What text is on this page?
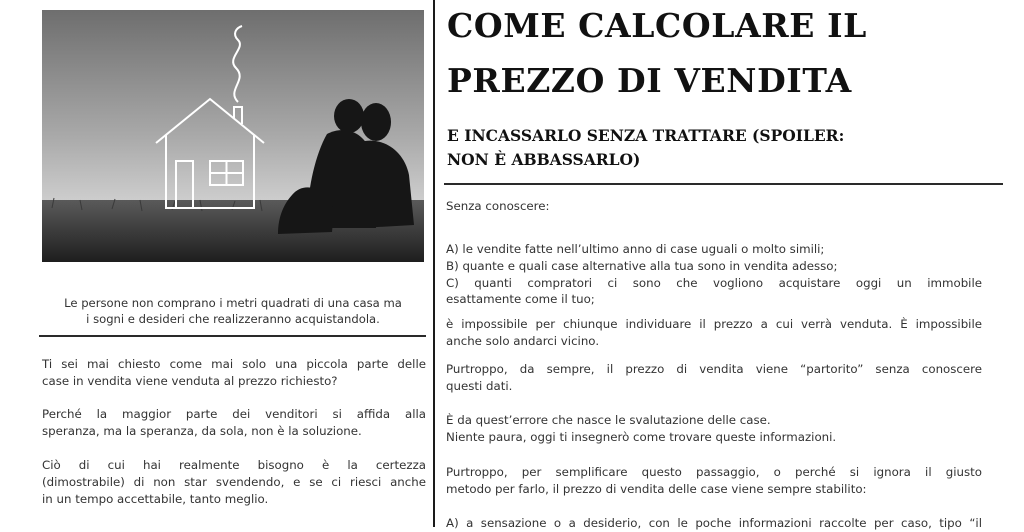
Le persone non comprano i metri quadrati di una casa ma
i sogni e desideri che realizzeranno acquistandola.

Ti sei mai chiesto come mai solo una piccola parte delle
case in vendita viene venduta al prezzo richiesto?

Perché la maggior parte dei venditori si affida alla
speranza, ma la speranza, da sola, non è la soluzione.

Ciò di cui hai realmente bisogno è la certezza
(dimostrabile) di non star svendendo, e se ci riesci anche
in un tempo accettabile, tanto meglio.

COME CALCOLARE IL
PREZZO DI VENDITA
E INCASSARLO SENZA TRATTARE (SPOILER:
NON È ABBASSARLO)

Senza conoscere:

A) le vendite fatte nell’ultimo anno di case uguali o molto simili;
B) quante e quali case alternative alla tua sono in vendita adesso;
C) quanti compratori ci sono che vogliono acquistare oggi un immobile
esattamente come il tuo;

è impossibile per chiunque individuare il prezzo a cui verrà venduta. È impossibile
anche solo andarci vicino.

Purtroppo, da sempre, il prezzo di vendita viene “partorito” senza conoscere
questi dati.

È da quest’errore che nasce le svalutazione delle case.
Niente paura, oggi ti insegnerò come trovare queste informazioni.

Purtroppo, per semplificare questo passaggio, o perché si ignora il giusto
metodo per farlo, il prezzo di vendita delle case viene sempre stabilito:

A) a sensazione o a desiderio, con le poche informazioni raccolte per caso, tipo “il
